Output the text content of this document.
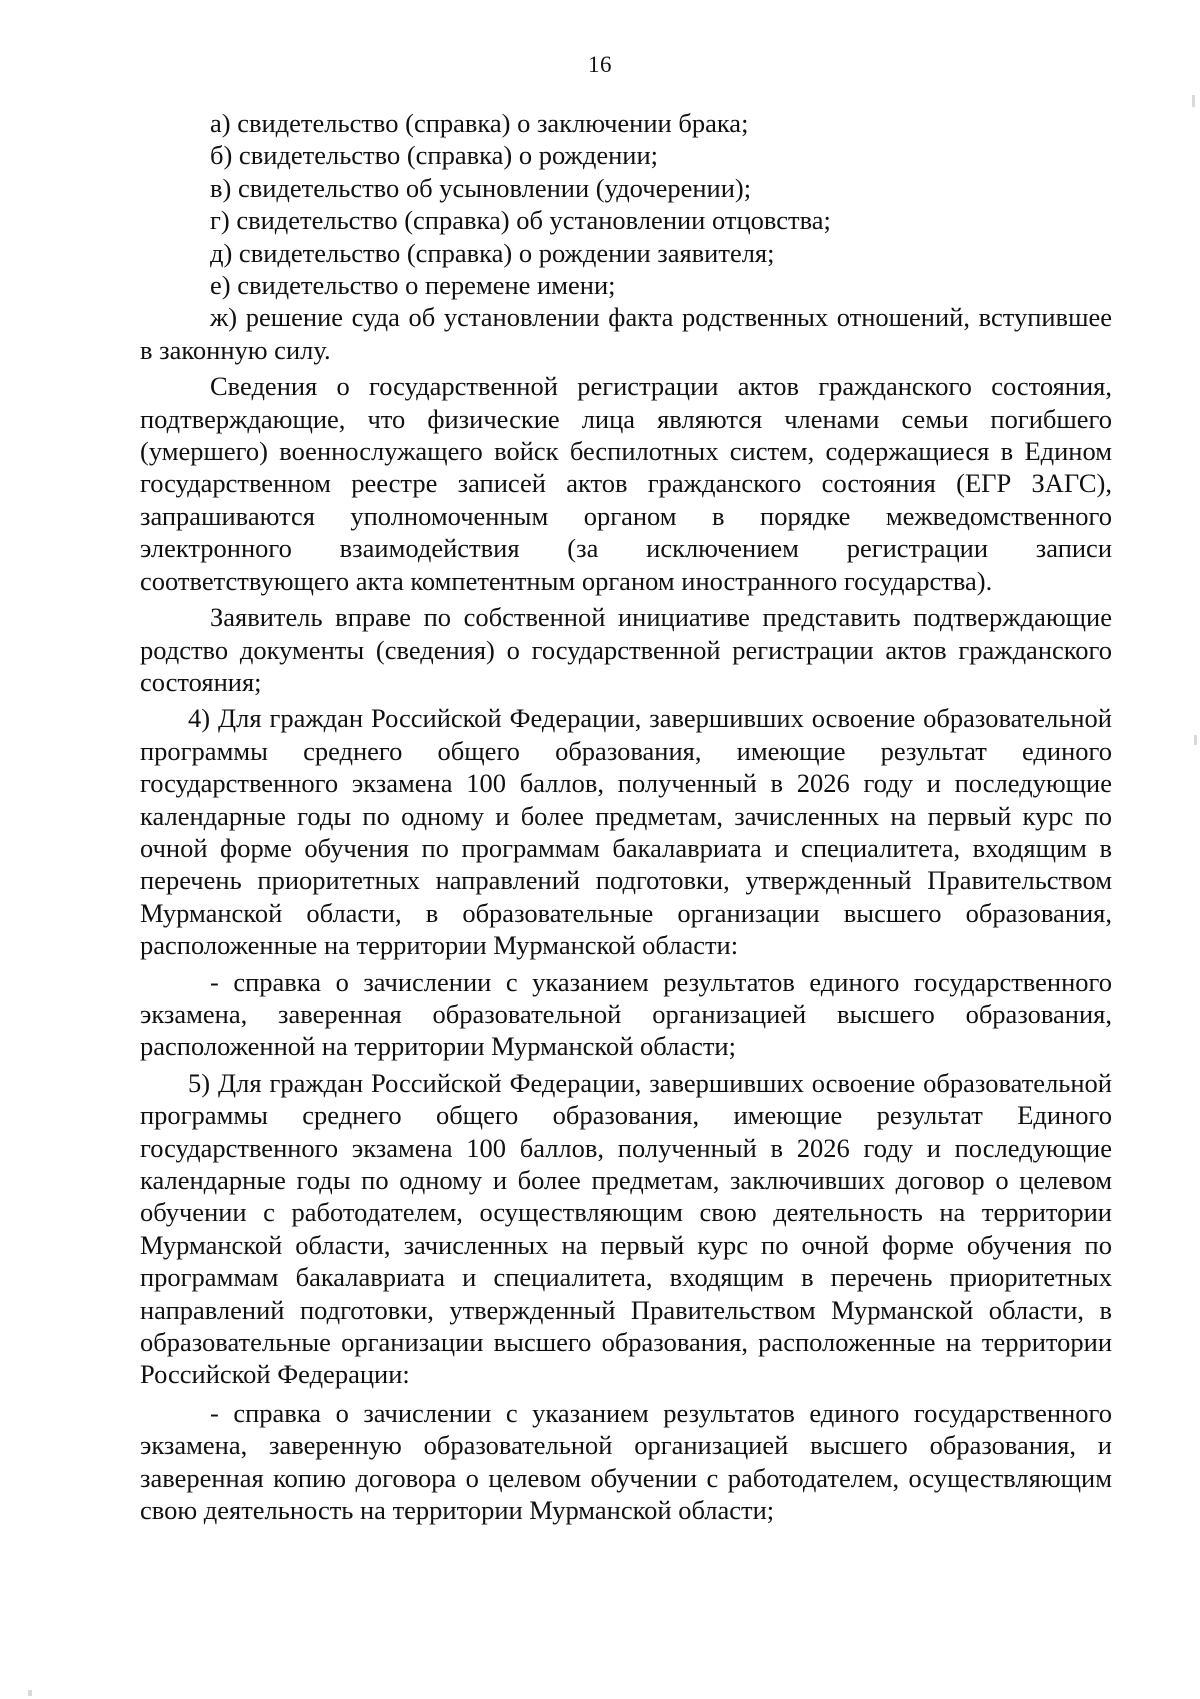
16

а) свидетельство (справка) о заключении брака;

б) свидетельство (справка) о рождении;

в) свидетельство об усыновлении (удочерении);

г) свидетельство (справка) об установлении отцовства;

д) свидетельство (справка) о рождении заявителя;

е) свидетельство о перемене имени;

ж) решение суда об установлении факта родственных отношений, вступившее в законную силу.

Сведения о государственной регистрации актов гражданского состояния, подтверждающие, что физические лица являются членами семьи погибшего (умершего) военнослужащего войск беспилотных систем, содержащиеся в Едином государственном реестре записей актов гражданского состояния (ЕГР ЗАГС), запрашиваются уполномоченным органом в порядке межведомственного электронного взаимодействия (за исключением регистрации записи соответствующего акта компетентным органом иностранного государства).

Заявитель вправе по собственной инициативе представить подтверждающие родство документы (сведения) о государственной регистрации актов гражданского состояния;

4) Для граждан Российской Федерации, завершивших освоение образовательной программы среднего общего образования, имеющие результат единого государственного экзамена 100 баллов, полученный в 2026 году и последующие календарные годы по одному и более предметам, зачисленных на первый курс по очной форме обучения по программам бакалавриата и специалитета, входящим в перечень приоритетных направлений подготовки, утвержденный Правительством Мурманской области, в образовательные организации высшего образования, расположенные на территории Мурманской области:

- справка о зачислении с указанием результатов единого государственного экзамена, заверенная образовательной организацией высшего образования, расположенной на территории Мурманской области;

5) Для граждан Российской Федерации, завершивших освоение образовательной программы среднего общего образования, имеющие результат Единого государственного экзамена 100 баллов, полученный в 2026 году и последующие календарные годы по одному и более предметам, заключивших договор о целевом обучении с работодателем, осуществляющим свою деятельность на территории Мурманской области, зачисленных на первый курс по очной форме обучения по программам бакалавриата и специалитета, входящим в перечень приоритетных направлений подготовки, утвержденный Правительством Мурманской области, в образовательные организации высшего образования, расположенные на территории Российской Федерации:

- справка о зачислении с указанием результатов единого государственного экзамена, заверенную образовательной организацией высшего образования, и заверенная копию договора о целевом обучении с работодателем, осуществляющим свою деятельность на территории Мурманской области;
